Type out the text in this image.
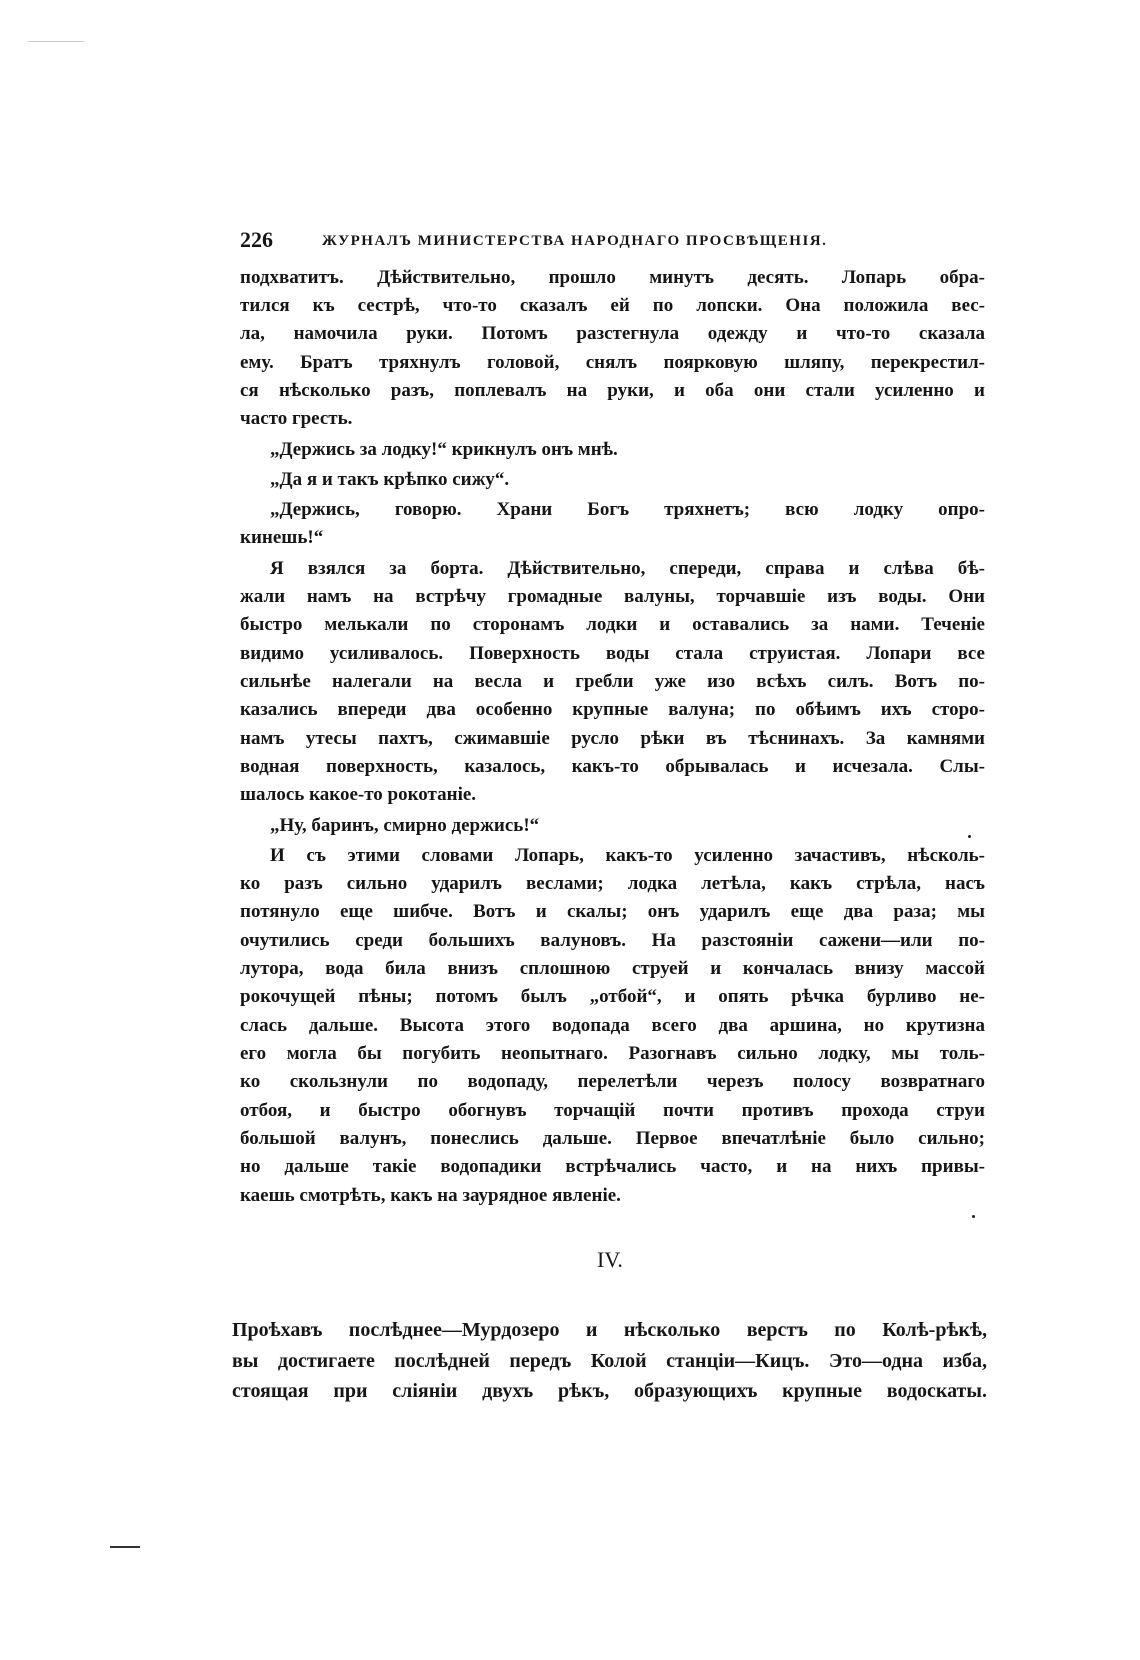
226	ЖУРНАЛЪ МИНИСТЕРСТВА НАРОДНАГО ПРОСВѢЩЕНІЯ.
подхватитъ. Дѣйствительно, прошло минутъ десять. Лопарь обра-
тился къ сестрѣ, что-то сказалъ ей по лопски. Она положила вес-
ла, намочила руки. Потомъ разстегнула одежду и что-то сказала
ему. Братъ тряхнулъ головой, снялъ поярковую шляпу, перекрестил-
ся нѣсколько разъ, поплевалъ на руки, и оба они стали усиленно и
часто гресть.
„Держись за лодку!“ крикнулъ онъ мнѣ.
„Да я и такъ крѣпко сижу“.
„Держись, говорю. Храни Богъ тряхнетъ; всю лодку опро-
кинешь!“
Я взялся за борта. Дѣйствительно, спереди, справа и слѣва бѣ-
жали намъ на встрѣчу громадные валуны, торчавшіе изъ воды. Они
быстро мелькали по сторонамъ лодки и оставались за нами. Теченіе
видимо усиливалось. Поверхность воды стала струистая. Лопари все
сильнѣе налегали на весла и гребли уже изо всѣхъ силъ. Вотъ по-
казались впереди два особенно крупные валуна; по обѣимъ ихъ сторо-
намъ утесы пахтъ, сжимавшіе русло рѣки въ тѣснинахъ. За камнями
водная поверхность, казалось, какъ-то обрывалась и исчезала. Слы-
шалось какое-то рокотаніе.
„Ну, баринъ, смирно держись!“
И съ этими словами Лопарь, какъ-то усиленно зачастивъ, нѣсколь-
ко разъ сильно ударилъ веслами; лодка летѣла, какъ стрѣла, насъ
потянуло еще шибче. Вотъ и скалы; онъ ударилъ еще два раза; мы
очутились среди большихъ валуновъ. На разстояніи сажени—или по-
лутора, вода била внизъ сплошною струей и кончалась внизу массой
рокочущей пѣны; потомъ былъ „отбой“, и опять рѣчка бурливо не-
слась дальше. Высота этого водопада всего два аршина, но крутизна
его могла бы погубить неопытнаго. Разогнавъ сильно лодку, мы толь-
ко скользнули по водопаду, перелетѣли черезъ полосу возвратнаго
отбоя, и быстро обогнувъ торчащій почти противъ прохода струи
большой валунъ, понеслись дальше. Первое впечатлѣніе было сильно;
но дальше такіе водопадики встрѣчались часто, и на нихъ привы-
каешь смотрѣть, какъ на заурядное явленіе.
IV.
Проѣхавъ послѣднее—Мурдозеро и нѣсколько верстъ по Колѣ-рѣкѣ,
вы достигаете послѣдней передъ Колой станціи—Кицъ. Это—одна изба,
стоящая при сліяніи двухъ рѣкъ, образующихъ крупные водоскаты.
